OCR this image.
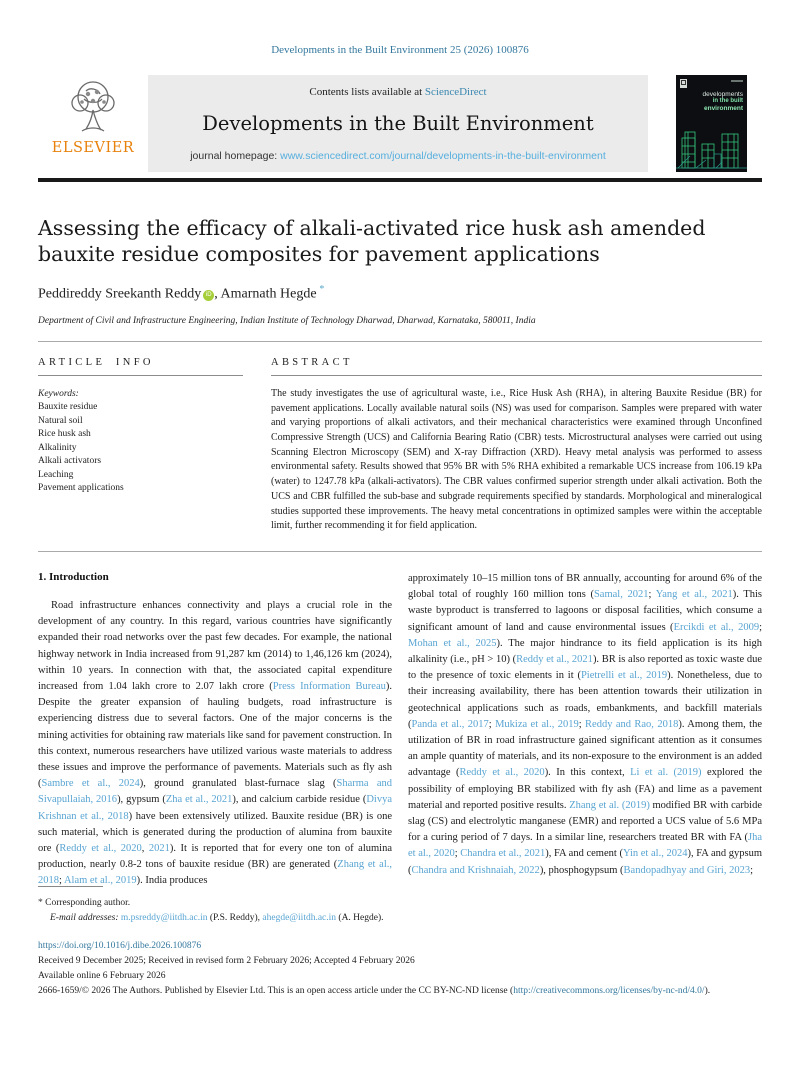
Developments in the Built Environment 25 (2026) 100876
ELSEVIER
Contents lists available at ScienceDirect
Developments in the Built Environment
journal homepage: www.sciencedirect.com/journal/developments-in-the-built-environment
developments
in the built
environment
Assessing the efficacy of alkali-activated rice husk ash amended bauxite residue composites for pavement applications
Peddireddy Sreekanth Reddy iD , Amarnath Hegde  *
Department of Civil and Infrastructure Engineering, Indian Institute of Technology Dharwad, Dharwad, Karnataka, 580011, India
ARTICLE INFO
Keywords:
Bauxite residue
Natural soil
Rice husk ash
Alkalinity
Alkali activators
Leaching
Pavement applications
ABSTRACT

The study investigates the use of agricultural waste, i.e., Rice Husk Ash (RHA), in altering Bauxite Residue (BR) for pavement applications. Locally available natural soils (NS) was used for comparison. Samples were prepared with water and varying proportions of alkali activators, and their mechanical characteristics were examined through Unconfined Compressive Strength (UCS) and California Bearing Ratio (CBR) tests. Microstructural analyses were carried out using Scanning Electron Microscopy (SEM) and X-ray Diffraction (XRD). Heavy metal analysis was performed to assess environmental safety. Results showed that 95% BR with 5% RHA exhibited a remarkable UCS increase from 106.19 kPa (water) to 1247.78 kPa (alkali-activators). The CBR values confirmed superior strength under alkali activation. Both the UCS and CBR fulfilled the sub-base and subgrade requirements specified by standards. Morphological and mineralogical studies supported these improvements. The heavy metal concentrations in optimized samples were within the acceptable limit, further recommending it for field application.

1. Introduction

Road infrastructure enhances connectivity and plays a crucial role in the development of any country. In this regard, various countries have significantly expanded their road networks over the past few decades. For example, the national highway network in India increased from 91,287 km (2014) to 1,46,126 km (2024), within 10 years. In connection with that, the associated capital expenditure increased from 1.04 lakh crore to 2.07 lakh crore (Press Information Bureau). Despite the greater expansion of hauling budgets, road infrastructure is experiencing distress due to several factors. One of the major concerns is the mining activities for obtaining raw materials like sand for pavement construction. In this context, numerous researchers have utilized various waste materials to address these issues and improve the performance of pavements. Materials such as fly ash (Sambre et al., 2024), ground granulated blast-furnace slag (Sharma and Sivapullaiah, 2016), gypsum (Zha et al., 2021), and calcium carbide residue (Divya Krishnan et al., 2018) have been extensively utilized. Bauxite residue (BR) is one such material, which is generated during the production of alumina from bauxite ore (Reddy et al., 2020, 2021). It is reported that for every one ton of alumina production, nearly 0.8-2 tons of bauxite residue (BR) are generated (Zhang et al., 2018; Alam et al., 2019). India produces

approximately 10–15 million tons of BR annually, accounting for around 6% of the global total of roughly 160 million tons (Samal, 2021; Yang et al., 2021). This waste byproduct is transferred to lagoons or disposal facilities, which consume a significant amount of land and cause environmental issues (Ercikdi et al., 2009; Mohan et al., 2025). The major hindrance to its field application is its high alkalinity (i.e., pH > 10) (Reddy et al., 2021). BR is also reported as toxic waste due to the presence of toxic elements in it (Pietrelli et al., 2019). Nonetheless, due to their increasing availability, there has been attention towards their utilization in geotechnical applications such as roads, embankments, and backfill materials (Panda et al., 2017; Mukiza et al., 2019; Reddy and Rao, 2018). Among them, the utilization of BR in road infrastructure gained significant attention as it consumes an ample quantity of materials, and its non-exposure to the environment is an added advantage (Reddy et al., 2020). In this context, Li et al. (2019) explored the possibility of employing BR stabilized with fly ash (FA) and lime as a pavement material and reported positive results. Zhang et al. (2019) modified BR with carbide slag (CS) and electrolytic manganese (EMR) and reported a UCS value of 5.6 MPa for a curing period of 7 days. In a similar line, researchers treated BR with FA (Jha et al., 2020; Chandra et al., 2021), FA and cement (Yin et al., 2024), FA and gypsum (Chandra and Krishnaiah, 2022), phosphogypsum (Bandopadhyay and Giri, 2023;

* Corresponding author.
E-mail addresses: m.psreddy@iitdh.ac.in (P.S. Reddy), ahegde@iitdh.ac.in (A. Hegde).
https://doi.org/10.1016/j.dibe.2026.100876
Received 9 December 2025; Received in revised form 2 February 2026; Accepted 4 February 2026
Available online 6 February 2026
2666-1659/© 2026 The Authors. Published by Elsevier Ltd. This is an open access article under the CC BY-NC-ND license (http://creativecommons.org/licenses/by-nc-nd/4.0/).
